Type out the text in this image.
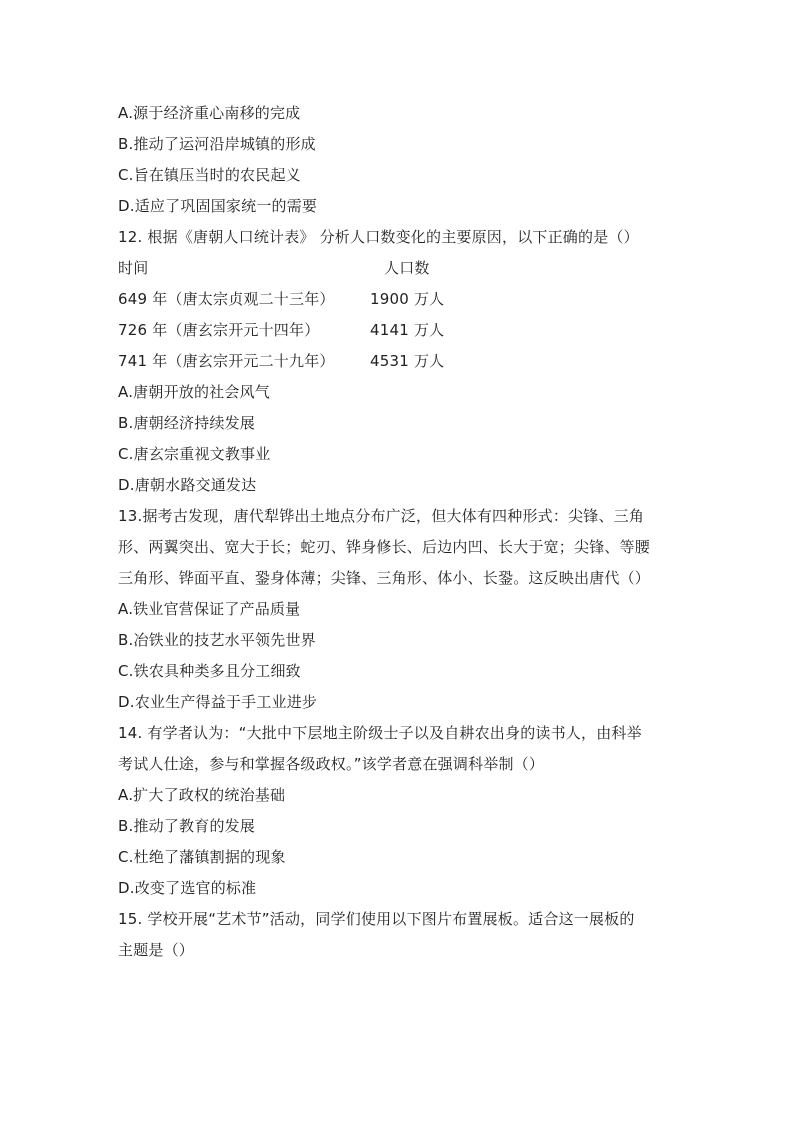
A.源于经济重心南移的完成
B.推动了运河沿岸城镇的形成
C.旨在镇压当时的农民起义
D.适应了巩固国家统一的需要
12. 根据《唐朝人口统计表》 分析人口数变化的主要原因，以下正确的是（）
时间	人口数
649 年（唐太宗贞观二十三年）	1900 万人
726 年（唐玄宗开元十四年）	4141 万人
741 年（唐玄宗开元二十九年）	4531 万人
A.唐朝开放的社会风气
B.唐朝经济持续发展
C.唐玄宗重视文教事业
D.唐朝水路交通发达
13.据考古发现，唐代犁铧出土地点分布广泛，但大体有四种形式：尖锋、三角
形、两翼突出、宽大于长；蛇刃、铧身修长、后边内凹、长大于宽；尖锋、等腰
三角形、铧面平直、銎身体薄；尖锋、三角形、体小、长銎。这反映出唐代（）
A.铁业官营保证了产品质量
B.冶铁业的技艺水平领先世界
C.铁农具种类多且分工细致
D.农业生产得益于手工业进步
14. 有学者认为：“大批中下层地主阶级士子以及自耕农出身的读书人，由科举
考试人仕途，参与和掌握各级政权。”该学者意在强调科举制（）
A.扩大了政权的统治基础
B.推动了教育的发展
C.杜绝了藩镇割据的现象
D.改变了选官的标准
15. 学校开展“艺术节”活动，同学们使用以下图片布置展板。适合这一展板的
主题是（）
